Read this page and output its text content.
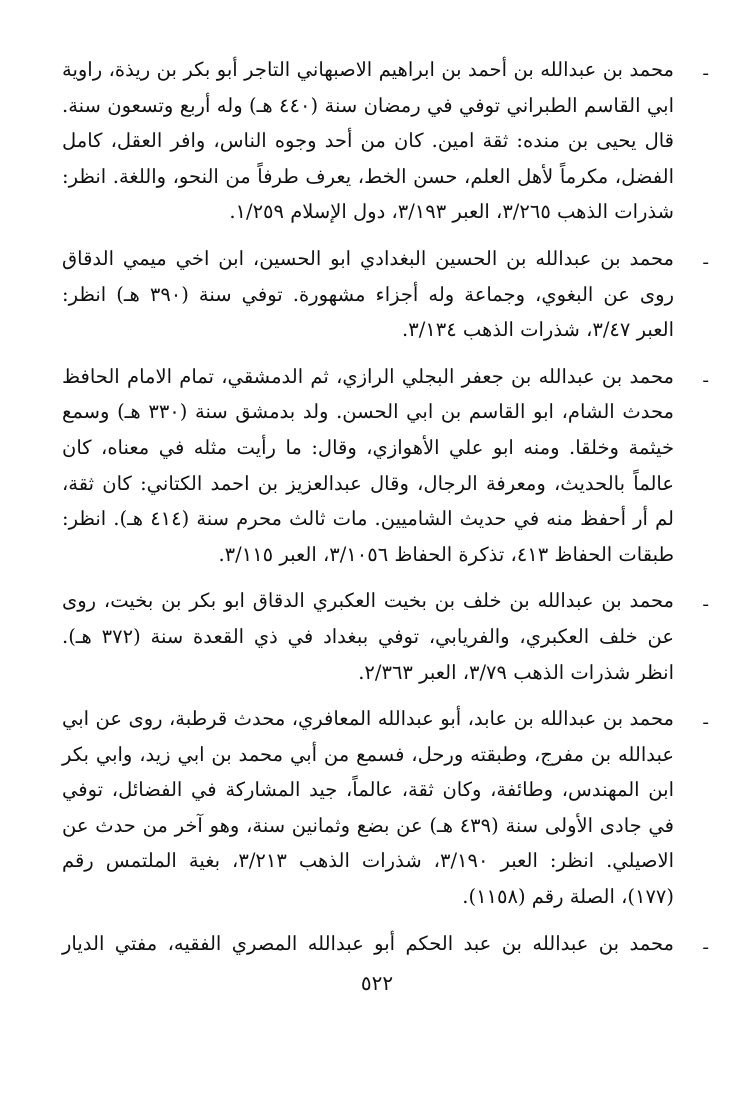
ـ
محمد بن عبدالله بن أحمد بن ابراهيم الاصبهاني التاجر أبو بكر بن ريذة، راوية ابي القاسم الطبراني توفي في رمضان سنة (٤٤٠ هـ) وله أربع وتسعون سنة. قال يحيى بن منده: ثقة امين. كان من أحد وجوه الناس، وافر العقل، كامل الفضل، مكرماً لأهل العلم، حسن الخط، يعرف طرفاً من النحو، واللغة. انظر: شذرات الذهب ٣/٢٦٥، العبر ٣/١٩٣، دول الإسلام ١/٢٥٩.

ـ
محمد بن عبدالله بن الحسين البغدادي ابو الحسين، ابن اخي ميمي الدقاق روى عن البغوي، وجماعة وله أجزاء مشهورة. توفي سنة (٣٩٠ هـ) انظر: العبر ٣/٤٧، شذرات الذهب ٣/١٣٤.

ـ
محمد بن عبدالله بن جعفر البجلي الرازي، ثم الدمشقي، تمام الامام الحافظ محدث الشام، ابو القاسم بن ابي الحسن. ولد بدمشق سنة (٣٣٠ هـ) وسمع خيثمة وخلقا. ومنه ابو علي الأهوازي، وقال: ما رأيت مثله في معناه، كان عالماً بالحديث، ومعرفة الرجال، وقال عبدالعزيز بن احمد الكتاني: كان ثقة، لم أر أحفظ منه في حديث الشاميين. مات ثالث محرم سنة (٤١٤ هـ). انظر: طبقات الحفاظ ٤١٣، تذكرة الحفاظ ٣/١٠٥٦، العبر ٣/١١٥.

ـ
محمد بن عبدالله بن خلف بن بخيت العكبري الدقاق ابو بكر بن بخيت، روى عن خلف العكبري، والفريابي، توفي ببغداد في ذي القعدة سنة (٣٧٢ هـ). انظر شذرات الذهب ٣/٧٩، العبر ٢/٣٦٣.

ـ
محمد بن عبدالله بن عابد، أبو عبدالله المعافري، محدث قرطبة، روى عن ابي عبدالله بن مفرج، وطبقته ورحل، فسمع من أبي محمد بن ابي زيد، وابي بكر ابن المهندس، وطائفة، وكان ثقة، عالماً، جيد المشاركة في الفضائل، توفي في جادى الأولى سنة (٤٣٩ هـ) عن بضع وثمانين سنة، وهو آخر من حدث عن الاصيلي. انظر: العبر ٣/١٩٠، شذرات الذهب ٣/٢١٣، بغية الملتمس رقم (١٧٧)، الصلة رقم (١١٥٨).

ـ
محمد بن عبدالله بن عبد الحكم أبو عبدالله المصري الفقيه، مفتي الديار

٥٢٢
